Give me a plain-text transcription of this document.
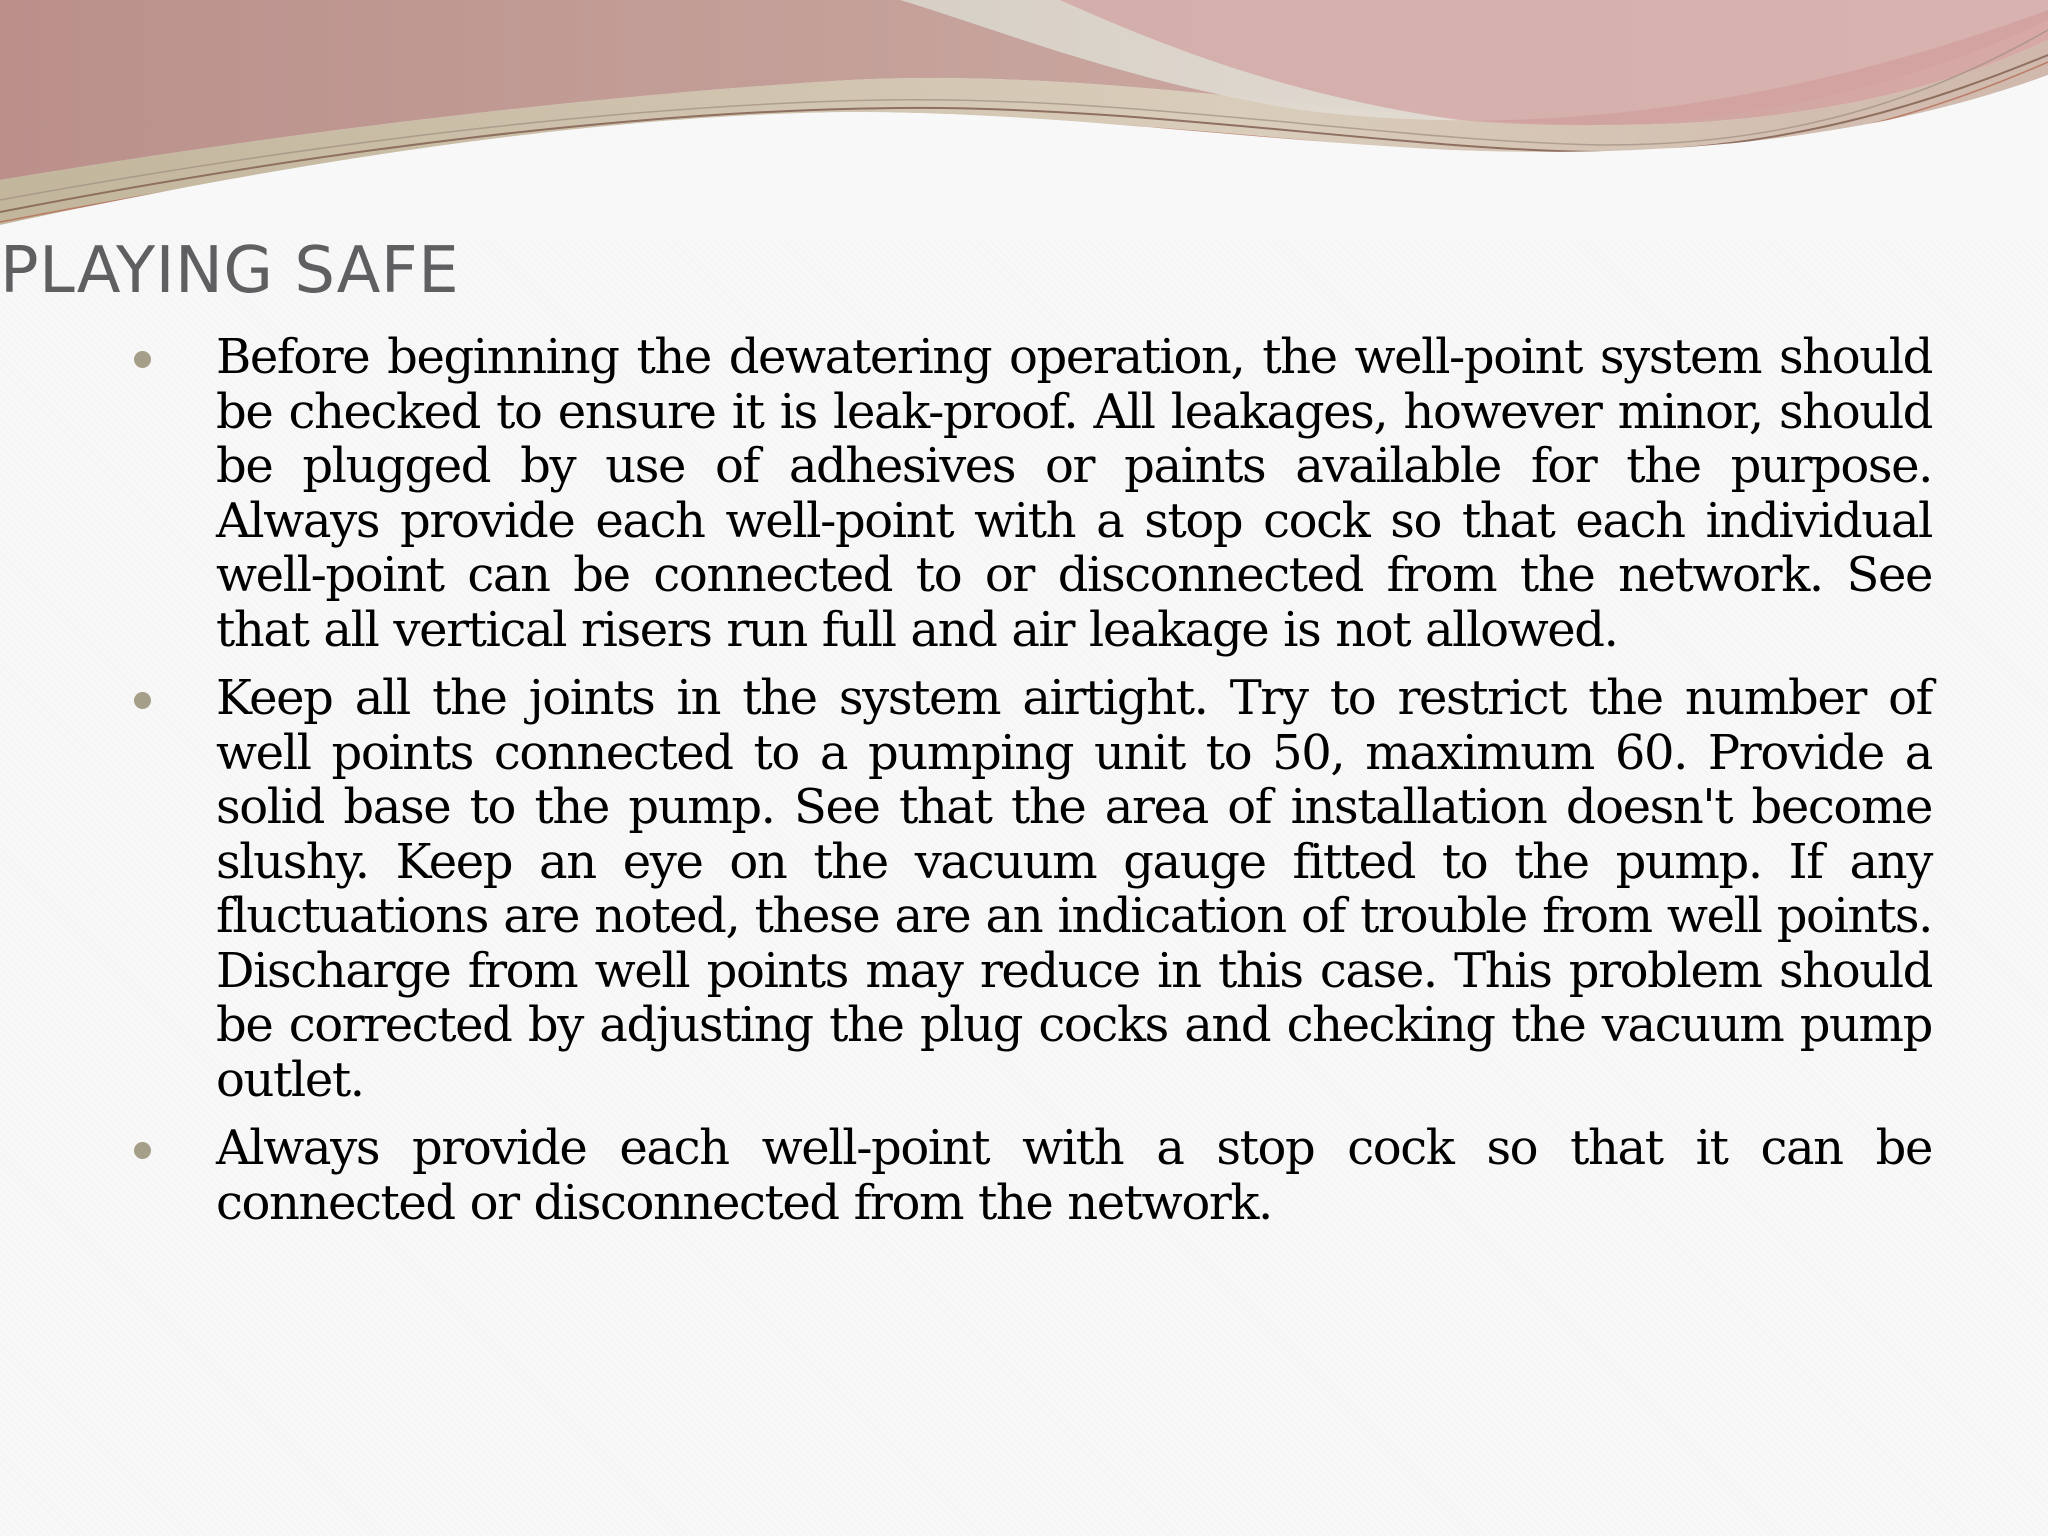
PLAYING SAFE
Before beginning the dewatering operation, the well-point system should be checked to ensure it is leak-proof. All leakages, however minor, should be plugged by use of adhesives or paints available for the purpose. Always provide each well-point with a stop cock so that each individual well-point can be connected to or disconnected from the network. See that all vertical risers run full and air leakage is not allowed.
Keep all the joints in the system airtight. Try to restrict the number of well points connected to a pumping unit to 50, maximum 60. Provide a solid base to the pump. See that the area of installation doesn't become slushy. Keep an eye on the vacuum gauge fitted to the pump. If any fluctuations are noted, these are an indication of trouble from well points. Discharge from well points may reduce in this case. This problem should be corrected by adjusting the plug cocks and checking the vacuum pump outlet.
Always provide each well-point with a stop cock so that it can be connected or disconnected from the network.
